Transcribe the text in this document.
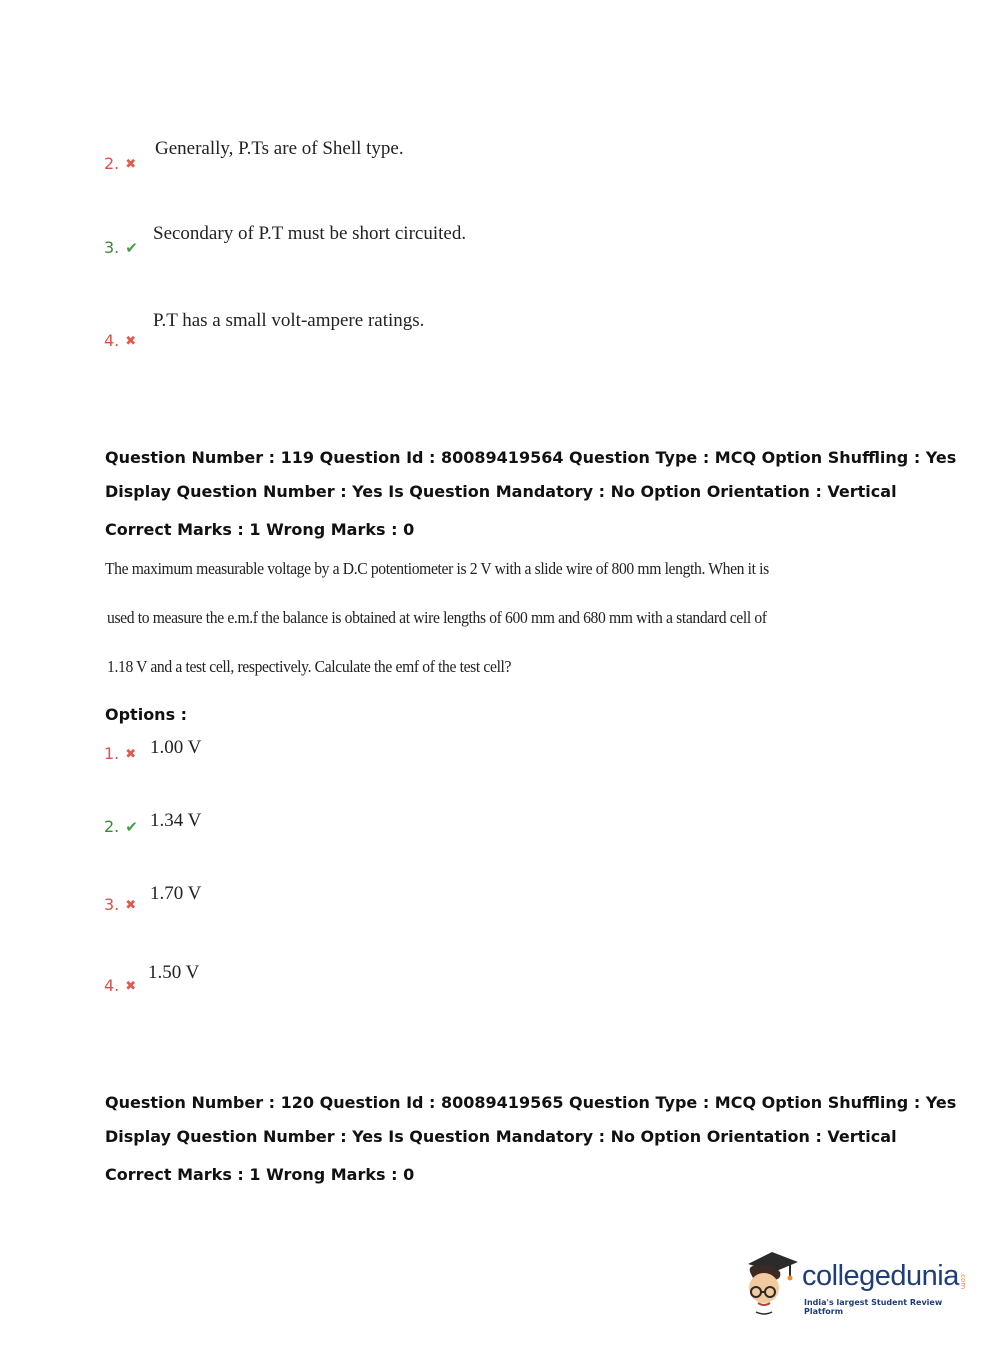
2. ✖
Generally, P.Ts are of Shell type.
3. ✔
Secondary of P.T must be short circuited.
4. ✖
P.T has a small volt-ampere ratings.
Question Number : 119 Question Id : 80089419564 Question Type : MCQ Option Shuffling : Yes
Display Question Number : Yes Is Question Mandatory : No Option Orientation : Vertical
Correct Marks : 1 Wrong Marks : 0
The maximum measurable voltage by a D.C potentiometer is 2 V with a slide wire of 800 mm length. When it is
used to measure the e.m.f the balance is obtained at wire lengths of 600 mm and 680 mm with a standard cell of
1.18 V and a test cell, respectively. Calculate the emf of the test cell?
Options :
1. ✖ 1.00 V
2. ✔ 1.34 V
3. ✖
1.70 V
4. ✖
1.50 V
Question Number : 120 Question Id : 80089419565 Question Type : MCQ Option Shuffling : Yes
Display Question Number : Yes Is Question Mandatory : No Option Orientation : Vertical
Correct Marks : 1 Wrong Marks : 0
collegedunia .com
India's largest Student Review Platform
